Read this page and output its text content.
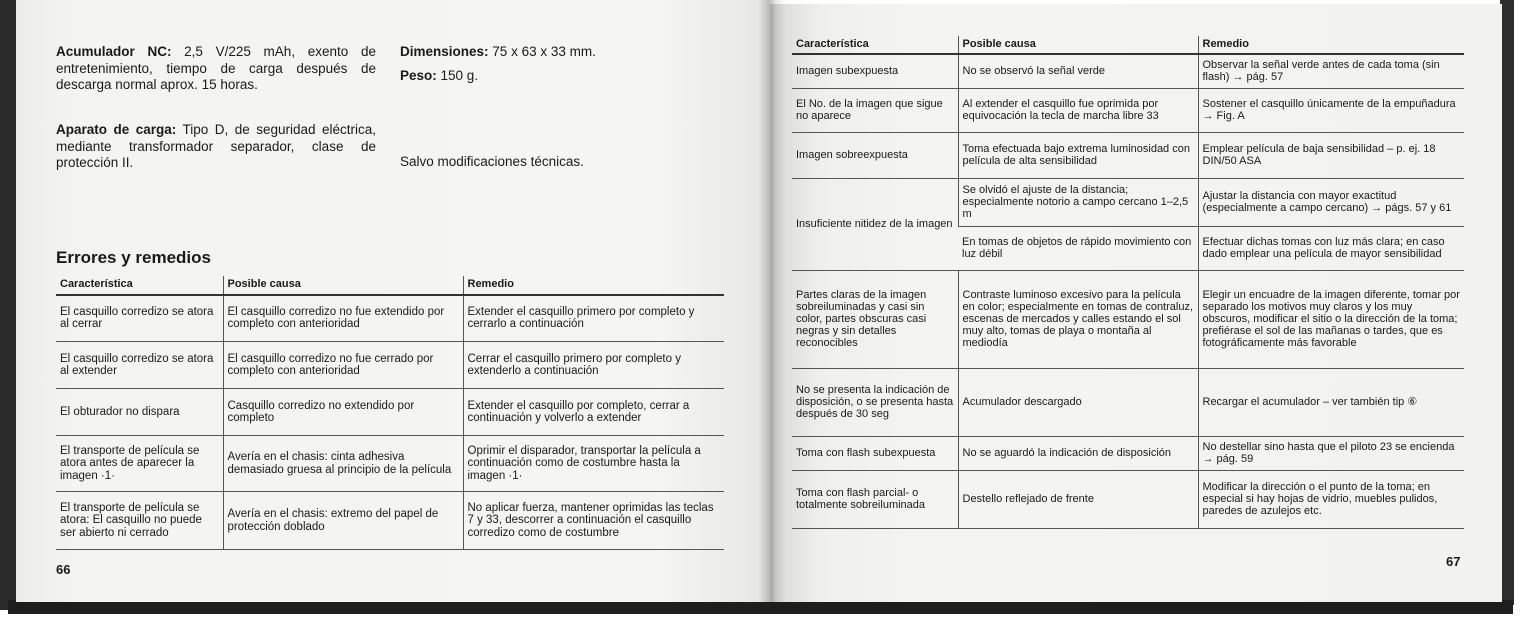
Acumulador NC: 2,5 V/225 mAh, exento de entretenimiento, tiempo de carga después de descarga normal aprox. 15 horas.

Aparato de carga: Tipo D, de seguridad eléctrica, mediante transformador separador, clase de protección II.

Dimensiones: 75 x 63 x 33 mm.

Peso: 150 g.

Salvo modificaciones técnicas.

Errores y remedios
Característica	Posible causa	Remedio
El casquillo corredizo se atora al cerrar	El casquillo corredizo no fue extendido por completo con anterioridad	Extender el casquillo primero por completo y cerrarlo a continuación
El casquillo corredizo se atora al extender	El casquillo corredizo no fue cerrado por completo con anterioridad	Cerrar el casquillo primero por completo y extenderlo a continuación
El obturador no dispara	Casquillo corredizo no extendido por completo	Extender el casquillo por completo, cerrar a continuación y volverlo a extender
El transporte de película se atora antes de aparecer la imagen ·1·	Avería en el chasis: cinta adhesiva demasiado gruesa al principio de la película	Oprimir el disparador, transportar la película a continuación como de costumbre hasta la imagen ·1·
El transporte de película se atora: El casquillo no puede ser abierto ni cerrado	Avería en el chasis: extremo del papel de protección doblado	No aplicar fuerza, mantener oprimidas las teclas 7 y 33, descorrer a continuación el casquillo corredizo como de costumbre
66
Característica	Posible causa	Remedio
Imagen subexpuesta	No se observó la señal verde	Observar la señal verde antes de cada toma (sin flash) → pág. 57
El No. de la imagen que sigue no aparece	Al extender el casquillo fue oprimida por equivocación la tecla de marcha libre 33	Sostener el casquillo únicamente de la empuñadura → Fig. A
Imagen sobreexpuesta	Toma efectuada bajo extrema luminosidad con película de alta sensibilidad	Emplear película de baja sensibilidad – p. ej. 18 DIN/50 ASA
Insuficiente nitidez de la imagen	Se olvidó el ajuste de la distancia; especialmente notorio a campo cercano 1–2,5 m	Ajustar la distancia con mayor exactitud (especialmente a campo cercano) → págs. 57 y 61
	En tomas de objetos de rápido movimiento con luz débil	Efectuar dichas tomas con luz más clara; en caso dado emplear una película de mayor sensibilidad
Partes claras de la imagen sobreiluminadas y casi sin color, partes obscuras casi negras y sin detalles reconocibles	Contraste luminoso excesivo para la película en color; especialmente en tomas de contraluz, escenas de mercados y calles estando el sol muy alto, tomas de playa o montaña al mediodía	Elegir un encuadre de la imagen diferente, tomar por separado los motivos muy claros y los muy obscuros, modificar el sitio o la dirección de la toma; prefiérase el sol de las mañanas o tardes, que es fotográficamente más favorable
No se presenta la indicación de disposición, o se presenta hasta después de 30 seg	Acumulador descargado	Recargar el acumulador – ver también tip ⑥
Toma con flash subexpuesta	No se aguardó la indicación de disposición	No destellar sino hasta que el piloto 23 se encienda → pág. 59
Toma con flash parcial- o totalmente sobreiluminada	Destello reflejado de frente	Modificar la dirección o el punto de la toma; en especial si hay hojas de vidrio, muebles pulidos, paredes de azulejos etc.
67
